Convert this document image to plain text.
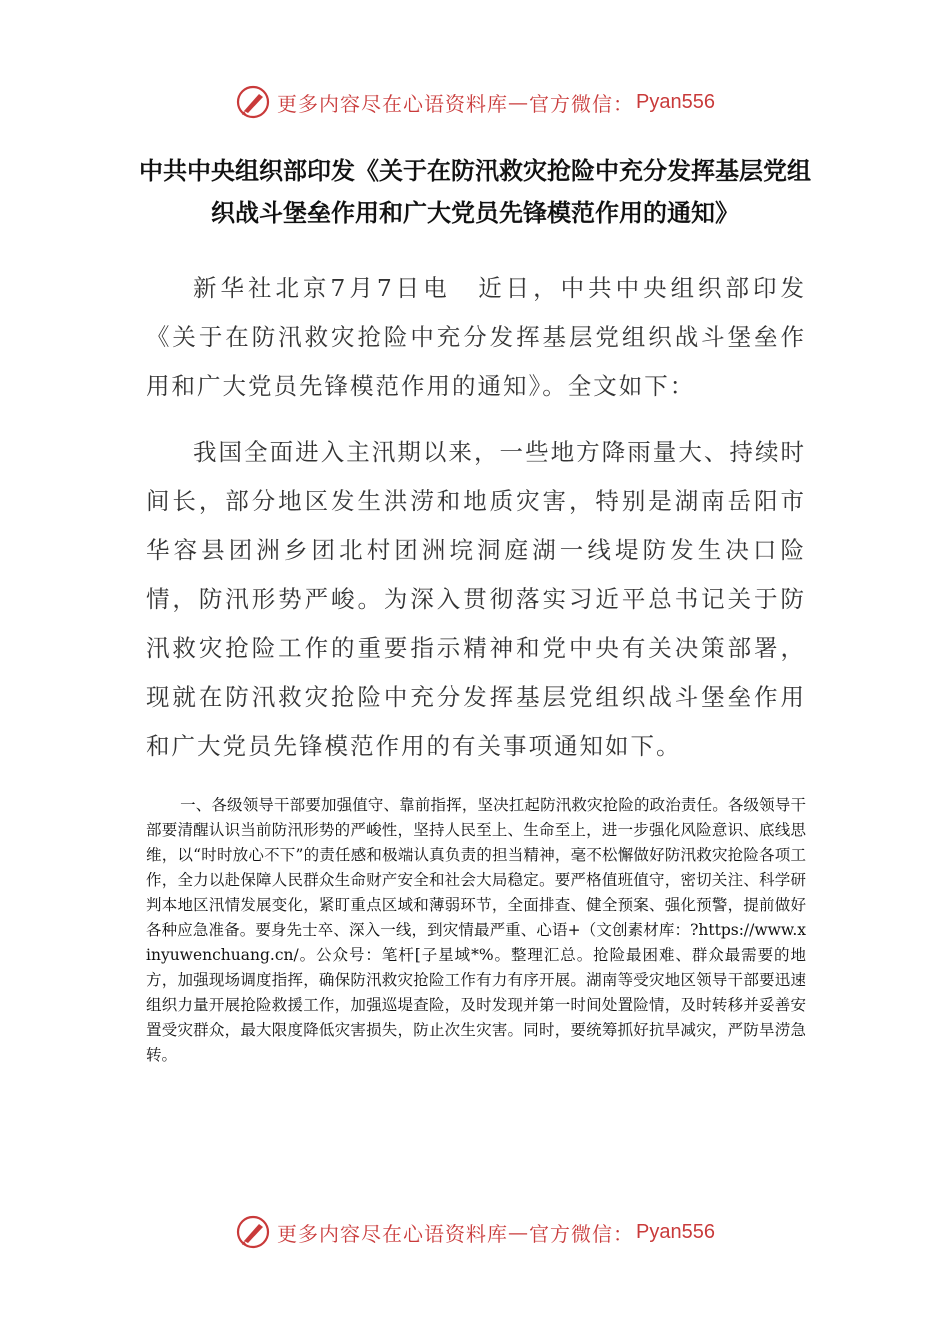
更多内容尽在心语资料库 — 官方微信： Pyan556
中共中央组织部印发《关于在防汛救灾抢险中充分发挥基层党组织战斗堡垒作用和广大党员先锋模范作用的通知》

新华社北京7月7日电　近日，中共中央组织部印发《关于在防汛救灾抢险中充分发挥基层党组织战斗堡垒作用和广大党员先锋模范作用的通知》。全文如下：

我国全面进入主汛期以来，一些地方降雨量大、持续时间长，部分地区发生洪涝和地质灾害，特别是湖南岳阳市华容县团洲乡团北村团洲垸洞庭湖一线堤防发生决口险情，防汛形势严峻。为深入贯彻落实习近平总书记关于防汛救灾抢险工作的重要指示精神和党中央有关决策部署，现就在防汛救灾抢险中充分发挥基层党组织战斗堡垒作用和广大党员先锋模范作用的有关事项通知如下。

一、各级领导干部要加强值守、靠前指挥，坚决扛起防汛救灾抢险的政治责任。各级领导干部要清醒认识当前防汛形势的严峻性，坚持人民至上、生命至上，进一步强化风险意识、底线思维，以“时时放心不下”的责任感和极端认真负责的担当精神，毫不松懈做好防汛救灾抢险各项工作，全力以赴保障人民群众生命财产安全和社会大局稳定。要严格值班值守，密切关注、科学研判本地区汛情发展变化，紧盯重点区域和薄弱环节，全面排查、健全预案、强化预警，提前做好各种应急准备。要身先士卒、深入一线，到灾情最严重、心语+（文创素材库：?https://www.xinyuwenchuang.cn/。公众号：笔杆[子星域*%。整理汇总。抢险最困难、群众最需要的地方，加强现场调度指挥，确保防汛救灾抢险工作有力有序开展。湖南等受灾地区领导干部要迅速组织力量开展抢险救援工作，加强巡堤查险，及时发现并第一时间处置险情，及时转移并妥善安置受灾群众，最大限度降低灾害损失，防止次生灾害。同时，要统筹抓好抗旱减灾，严防旱涝急转。

更多内容尽在心语资料库 — 官方微信： Pyan556
